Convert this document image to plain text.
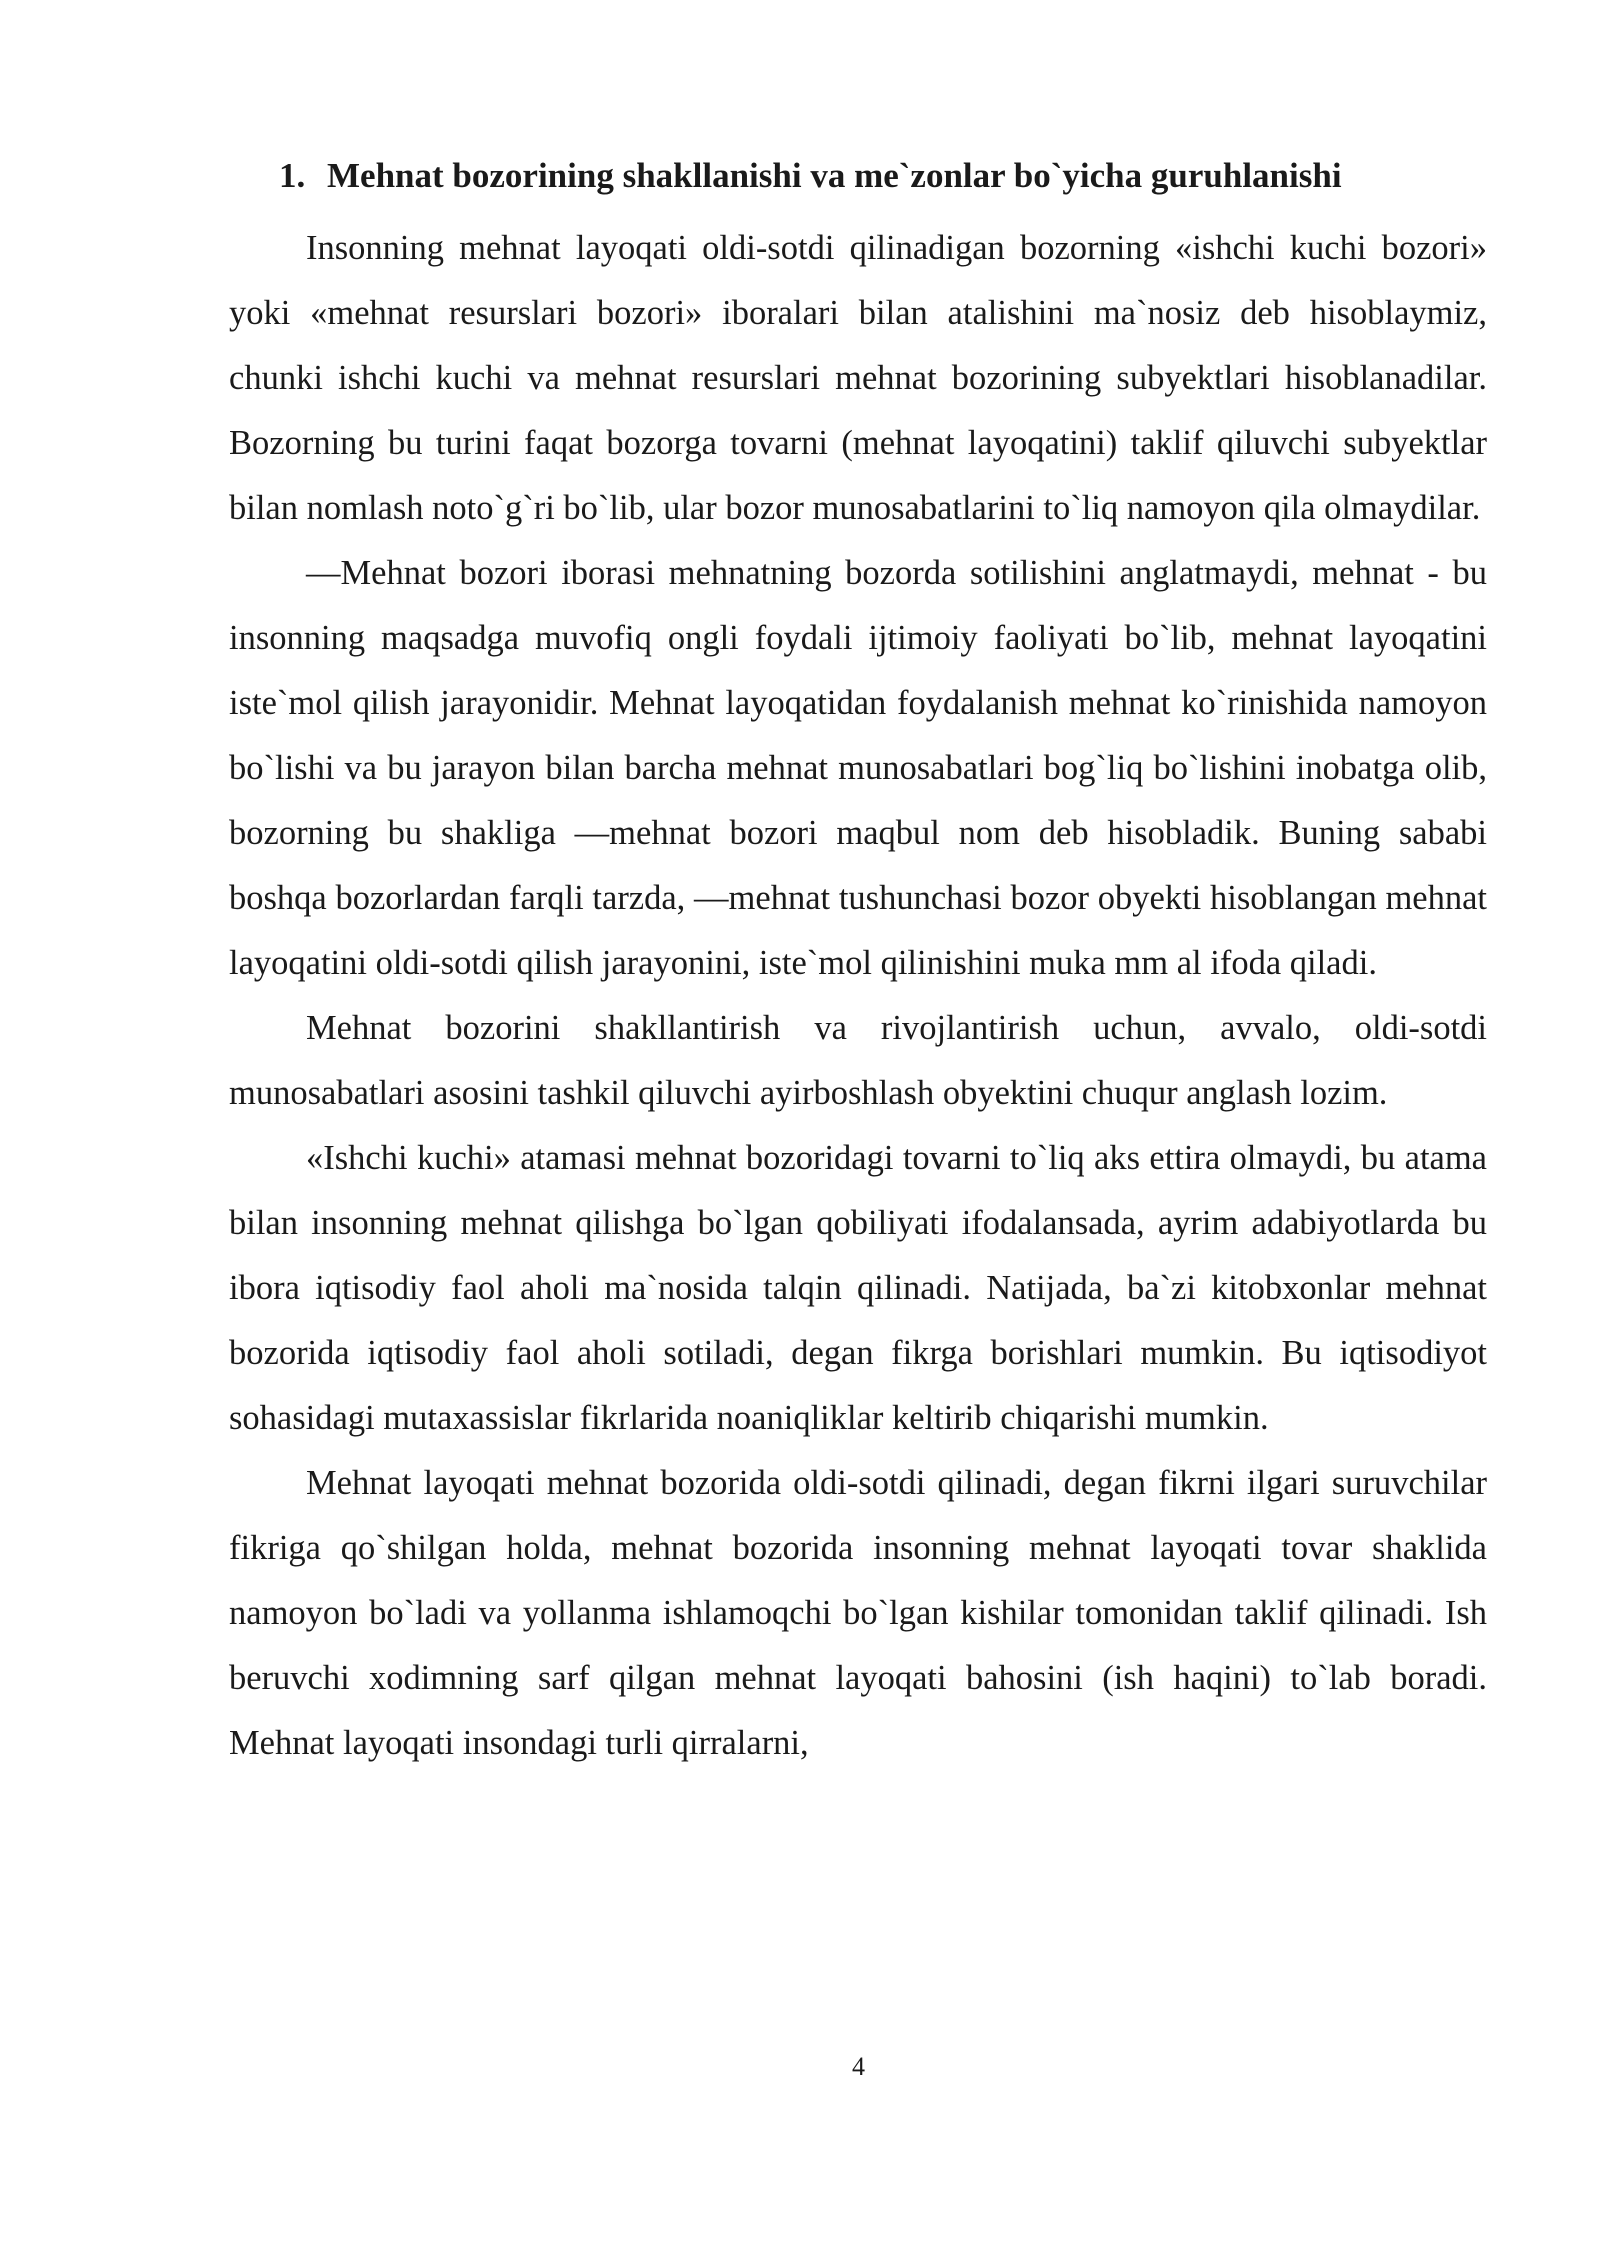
1. Mehnat bozorining shakllanishi va me`zonlar bo`yicha guruhlanishi

Insonning mehnat layoqati oldi-sotdi qilinadigan bozorning «ishchi kuchi bozori» yoki «mehnat resurslari bozori» iboralari bilan atalishini ma`nosiz deb hisoblaymiz, chunki ishchi kuchi va mehnat resurslari mehnat bozorining subyektlari hisoblanadilar. Bozorning bu turini faqat bozorga tovarni (mehnat layoqatini) taklif qiluvchi subyektlar bilan nomlash noto`g`ri bo`lib, ular bozor munosabatlarini to`liq namoyon qila olmaydilar.

—Mehnat bozori iborasi mehnatning bozorda sotilishini anglatmaydi, mehnat - bu insonning maqsadga muvofiq ongli foydali ijtimoiy faoliyati bo`lib, mehnat layoqatini iste`mol qilish jarayonidir. Mehnat layoqatidan foydalanish mehnat ko`rinishida namoyon bo`lishi va bu jarayon bilan barcha mehnat munosabatlari bog`liq bo`lishini inobatga olib, bozorning bu shakliga —mehnat bozori maqbul nom deb hisobladik. Buning sababi boshqa bozorlardan farqli tarzda, —mehnat tushunchasi bozor obyekti hisoblangan mehnat layoqatini oldi-sotdi qilish jarayonini, iste`mol qilinishini muka mm al ifoda qiladi.

Mehnat bozorini shakllantirish va rivojlantirish uchun, avvalo, oldi-sotdi munosabatlari asosini tashkil qiluvchi ayirboshlash obyektini chuqur anglash lozim.

«Ishchi kuchi» atamasi mehnat bozoridagi tovarni to`liq aks ettira olmaydi, bu atama bilan insonning mehnat qilishga bo`lgan qobiliyati ifodalansada, ayrim adabiyotlarda bu ibora iqtisodiy faol aholi ma`nosida talqin qilinadi. Natijada, ba`zi kitobxonlar mehnat bozorida iqtisodiy faol aholi sotiladi, degan fikrga borishlari mumkin. Bu iqtisodiyot sohasidagi mutaxassislar fikrlarida noaniqliklar keltirib chiqarishi mumkin.

Mehnat layoqati mehnat bozorida oldi-sotdi qilinadi, degan fikrni ilgari suruvchilar fikriga qo`shilgan holda, mehnat bozorida insonning mehnat layoqati tovar shaklida namoyon bo`ladi va yollanma ishlamoqchi bo`lgan kishilar tomonidan taklif qilinadi. Ish beruvchi xodimning sarf qilgan mehnat layoqati bahosini (ish haqini) to`lab boradi. Mehnat layoqati insondagi turli qirralarni,

4
